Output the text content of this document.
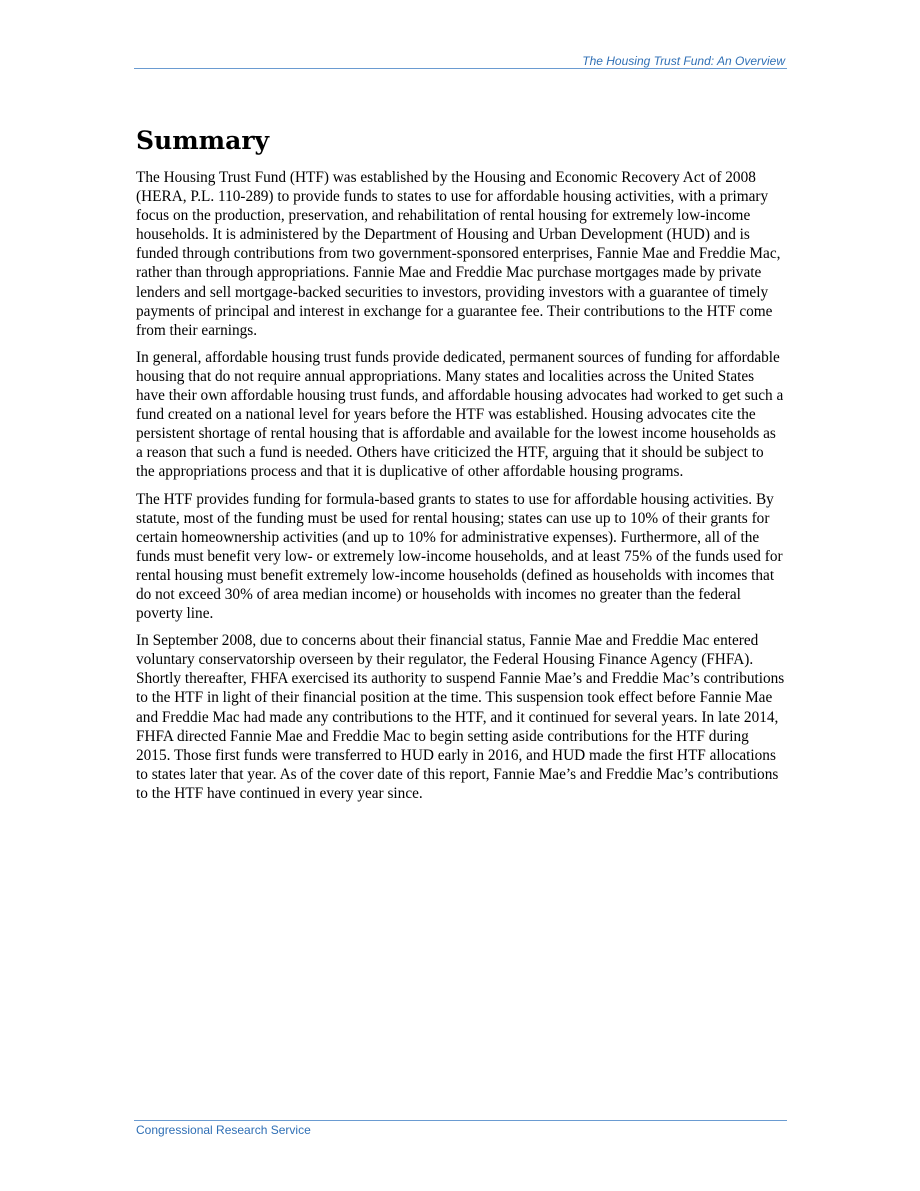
The Housing Trust Fund: An Overview
Summary

The Housing Trust Fund (HTF) was established by the Housing and Economic Recovery Act of 2008 (HERA, P.L. 110-289) to provide funds to states to use for affordable housing activities, with a primary focus on the production, preservation, and rehabilitation of rental housing for extremely low-income households. It is administered by the Department of Housing and Urban Development (HUD) and is funded through contributions from two government-sponsored enterprises, Fannie Mae and Freddie Mac, rather than through appropriations. Fannie Mae and Freddie Mac purchase mortgages made by private lenders and sell mortgage-backed securities to investors, providing investors with a guarantee of timely payments of principal and interest in exchange for a guarantee fee. Their contributions to the HTF come from their earnings.

In general, affordable housing trust funds provide dedicated, permanent sources of funding for affordable housing that do not require annual appropriations. Many states and localities across the United States have their own affordable housing trust funds, and affordable housing advocates had worked to get such a fund created on a national level for years before the HTF was established. Housing advocates cite the persistent shortage of rental housing that is affordable and available for the lowest income households as a reason that such a fund is needed. Others have criticized the HTF, arguing that it should be subject to the appropriations process and that it is duplicative of other affordable housing programs.

The HTF provides funding for formula-based grants to states to use for affordable housing activities. By statute, most of the funding must be used for rental housing; states can use up to 10% of their grants for certain homeownership activities (and up to 10% for administrative expenses). Furthermore, all of the funds must benefit very low- or extremely low-income households, and at least 75% of the funds used for rental housing must benefit extremely low-income households (defined as households with incomes that do not exceed 30% of area median income) or households with incomes no greater than the federal poverty line.

In September 2008, due to concerns about their financial status, Fannie Mae and Freddie Mac entered voluntary conservatorship overseen by their regulator, the Federal Housing Finance Agency (FHFA). Shortly thereafter, FHFA exercised its authority to suspend Fannie Mae’s and Freddie Mac’s contributions to the HTF in light of their financial position at the time. This suspension took effect before Fannie Mae and Freddie Mac had made any contributions to the HTF, and it continued for several years. In late 2014, FHFA directed Fannie Mae and Freddie Mac to begin setting aside contributions for the HTF during 2015. Those first funds were transferred to HUD early in 2016, and HUD made the first HTF allocations to states later that year. As of the cover date of this report, Fannie Mae’s and Freddie Mac’s contributions to the HTF have continued in every year since.

Congressional Research Service
